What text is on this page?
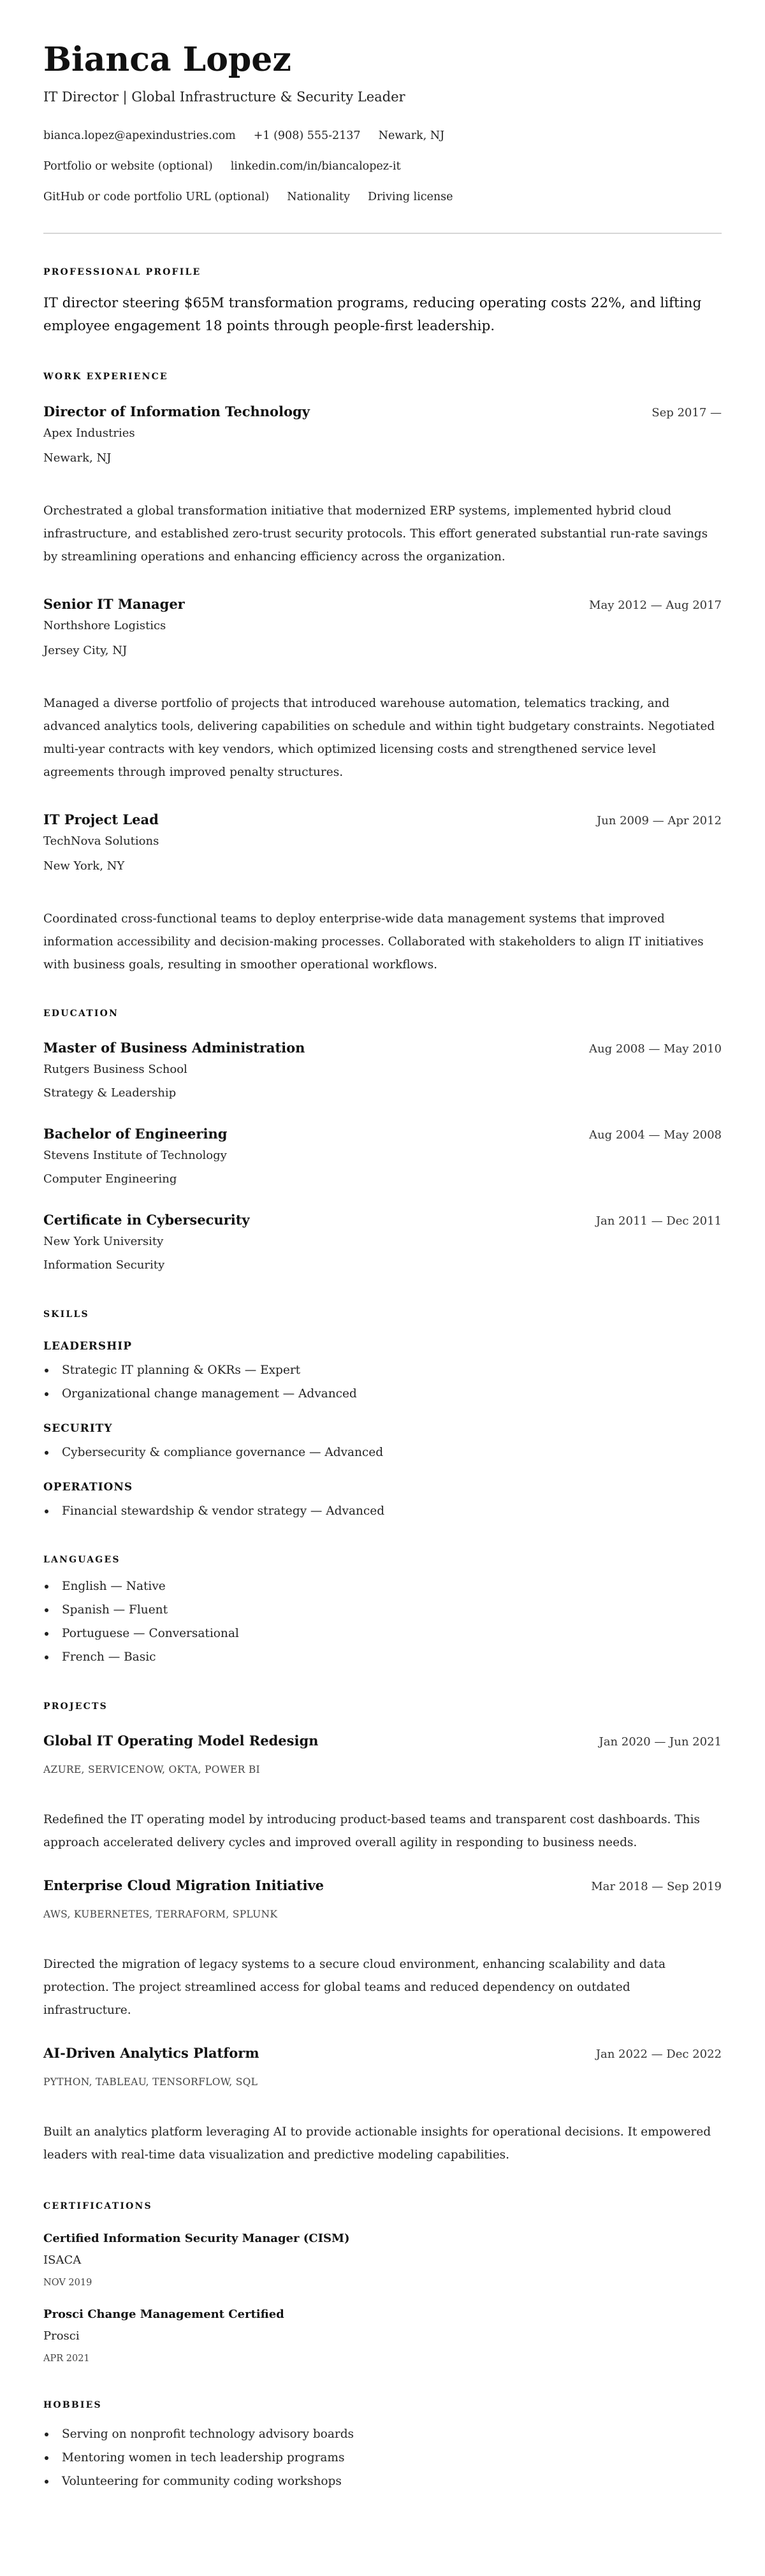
Bianca Lopez
IT Director | Global Infrastructure & Security Leader
bianca.lopez@apexindustries.com +1 (908) 555-2137 Newark, NJ
Portfolio or website (optional) linkedin.com/in/biancalopez-it
GitHub or code portfolio URL (optional) Nationality Driving license
PROFESSIONAL PROFILE

IT director steering $65M transformation programs, reducing operating costs 22%, and lifting employee engagement 18 points through people-first leadership.

WORK EXPERIENCE
Director of Information Technology	Sep 2017 —
Apex Industries
Newark, NJ

Orchestrated a global transformation initiative that modernized ERP systems, implemented hybrid cloud infrastructure, and established zero-trust security protocols. This effort generated substantial run-rate savings by streamlining operations and enhancing efficiency across the organization.

Senior IT Manager	May 2012 — Aug 2017
Northshore Logistics
Jersey City, NJ

Managed a diverse portfolio of projects that introduced warehouse automation, telematics tracking, and advanced analytics tools, delivering capabilities on schedule and within tight budgetary constraints. Negotiated multi-year contracts with key vendors, which optimized licensing costs and strengthened service level agreements through improved penalty structures.

IT Project Lead	Jun 2009 — Apr 2012
TechNova Solutions
New York, NY

Coordinated cross-functional teams to deploy enterprise-wide data management systems that improved information accessibility and decision-making processes. Collaborated with stakeholders to align IT initiatives with business goals, resulting in smoother operational workflows.

EDUCATION
Master of Business Administration	Aug 2008 — May 2010
Rutgers Business School
Strategy & Leadership
Bachelor of Engineering	Aug 2004 — May 2008
Stevens Institute of Technology
Computer Engineering
Certificate in Cybersecurity	Jan 2011 — Dec 2011
New York University
Information Security
SKILLS
LEADERSHIP
Strategic IT planning & OKRs — Expert
Organizational change management — Advanced
SECURITY
Cybersecurity & compliance governance — Advanced
OPERATIONS
Financial stewardship & vendor strategy — Advanced
LANGUAGES
English — Native
Spanish — Fluent
Portuguese — Conversational
French — Basic
PROJECTS
Global IT Operating Model Redesign	Jan 2020 — Jun 2021
AZURE, SERVICENOW, OKTA, POWER BI

Redefined the IT operating model by introducing product-based teams and transparent cost dashboards. This approach accelerated delivery cycles and improved overall agility in responding to business needs.

Enterprise Cloud Migration Initiative	Mar 2018 — Sep 2019
AWS, KUBERNETES, TERRAFORM, SPLUNK

Directed the migration of legacy systems to a secure cloud environment, enhancing scalability and data protection. The project streamlined access for global teams and reduced dependency on outdated infrastructure.

AI-Driven Analytics Platform	Jan 2022 — Dec 2022
PYTHON, TABLEAU, TENSORFLOW, SQL

Built an analytics platform leveraging AI to provide actionable insights for operational decisions. It empowered leaders with real-time data visualization and predictive modeling capabilities.

CERTIFICATIONS
Certified Information Security Manager (CISM)
ISACA
NOV 2019
Prosci Change Management Certified
Prosci
APR 2021
HOBBIES
Serving on nonprofit technology advisory boards
Mentoring women in tech leadership programs
Volunteering for community coding workshops
